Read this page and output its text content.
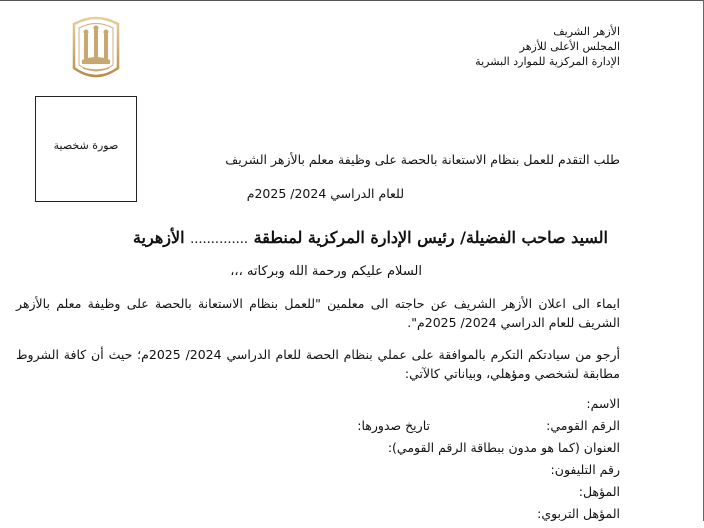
الأزهر الشريف
المجلس الأعلى للأزهر
الإدارة المركزية للموارد البشرية
صورة شخصية
طلب التقدم للعمل بنظام الاستعانة بالحصة على وظيفة معلم بالأزهر الشريف
للعام الدراسي 2024/ 2025م
السيد صاحب الفضيلة/ رئيس الإدارة المركزية لمنطقة .............. الأزهرية
السلام عليكم ورحمة الله وبركاته ،،،
ايماء الى اعلان الأزهر الشريف عن حاجته الى معلمين "للعمل بنظام الاستعانة بالحصة على وظيفة معلم بالأزهر الشريف للعام الدراسي 2024/ 2025م".
أرجو من سيادتكم التكرم بالموافقة على عملي بنظام الحصة للعام الدراسي 2024/ 2025م؛ حيث أن كافة الشروط مطابقة لشخصي ومؤهلي، وبياناتي كالآتي:
الاسم:
الرقم القومي:
تاريخ صدورها:
العنوان (كما هو مدون ببطاقة الرقم القومي):
رقم التليفون:
المؤهل:
المؤهل التربوي:
